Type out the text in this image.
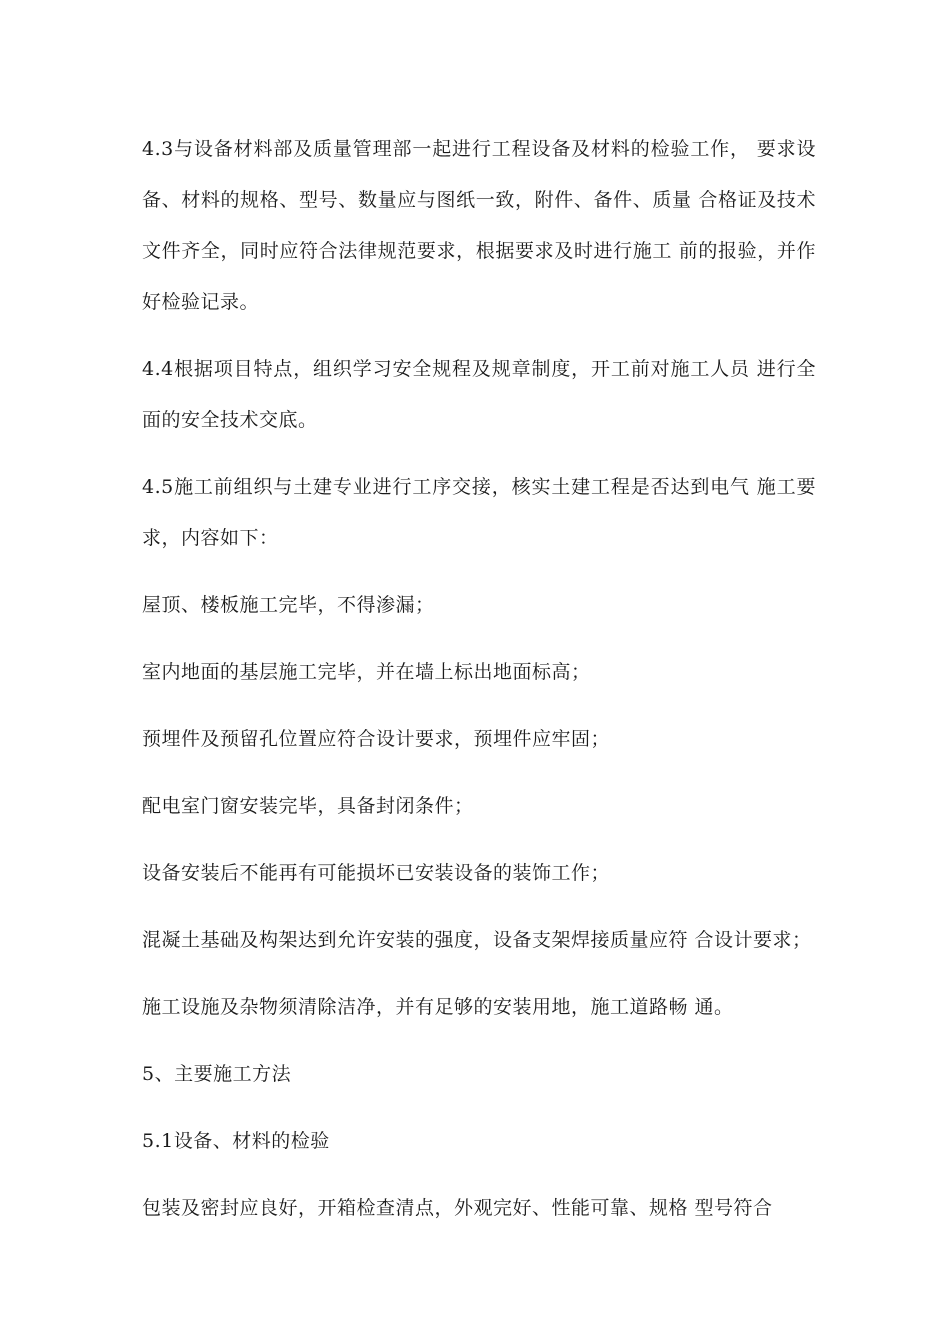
4.3与设备材料部及质量管理部一起进行工程设备及材料的检验工作， 要求设备、材料的规格、型号、数量应与图纸一致，附件、备件、质量 合格证及技术文件齐全，同时应符合法律规范要求，根据要求及时进行施工 前的报验，并作好检验记录。

4.4根据项目特点，组织学习安全规程及规章制度，开工前对施工人员 进行全面的安全技术交底。

4.5施工前组织与土建专业进行工序交接，核实土建工程是否达到电气 施工要求，内容如下：

屋顶、楼板施工完毕，不得渗漏；

室内地面的基层施工完毕，并在墙上标出地面标高；

预埋件及预留孔位置应符合设计要求，预埋件应牢固；

配电室门窗安装完毕，具备封闭条件；

设备安装后不能再有可能损坏已安装设备的装饰工作；

混凝土基础及构架达到允许安装的强度，设备支架焊接质量应符 合设计要求；

施工设施及杂物须清除洁净，并有足够的安装用地，施工道路畅 通。

5、主要施工方法

5.1设备、材料的检验

包装及密封应良好，开箱检查清点，外观完好、性能可靠、规格 型号符合
